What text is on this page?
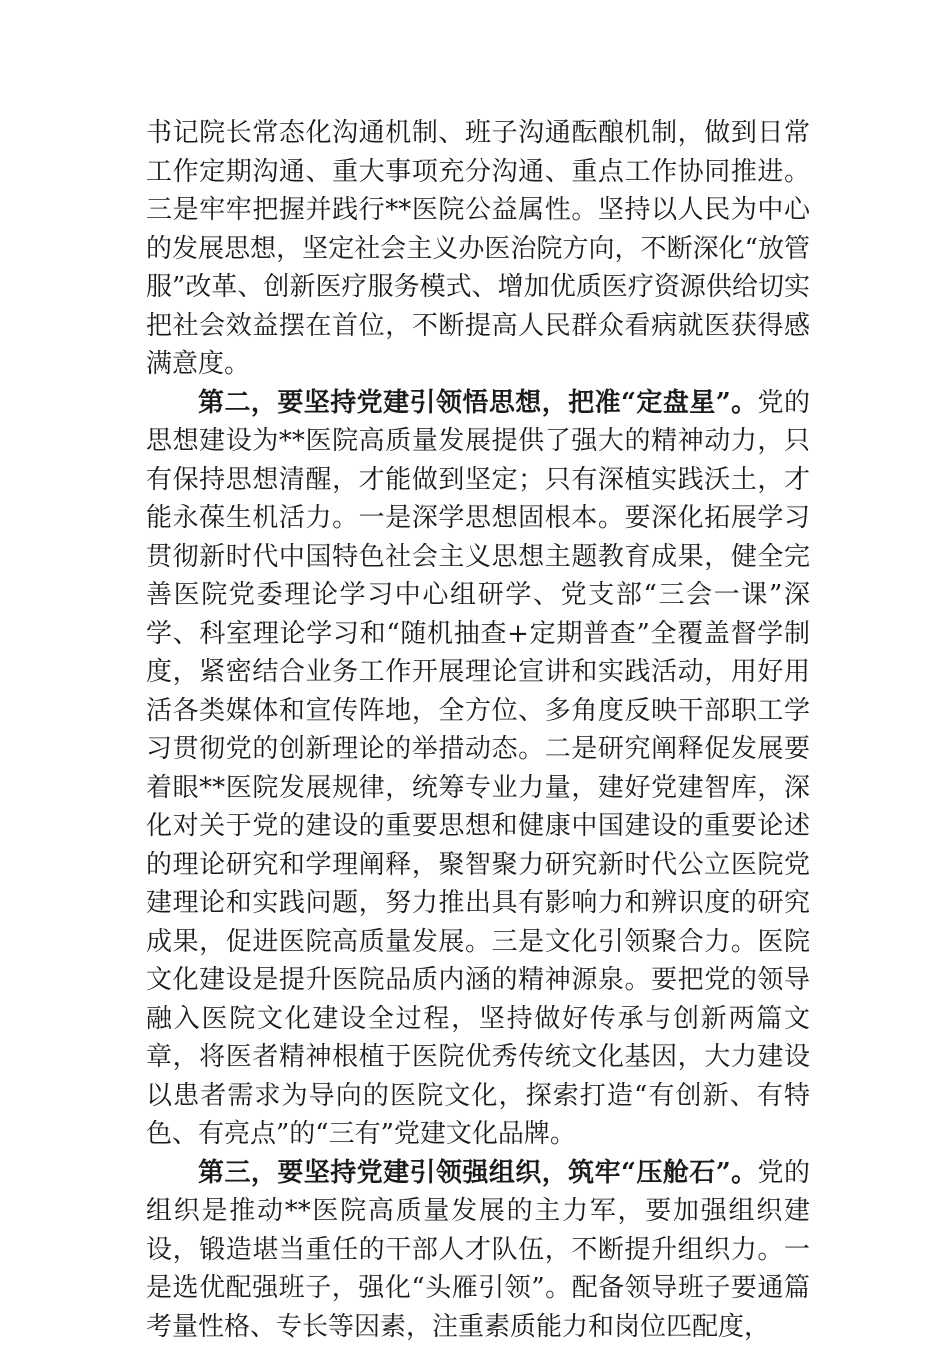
书记院长常态化沟通机制、班子沟通酝酿机制，做到日常工作定期沟通、重大事项充分沟通、重点工作协同推进。三是牢牢把握并践行**医院公益属性。坚持以人民为中心的发展思想，坚定社会主义办医治院方向，不断深化“放管服”改革、创新医疗服务模式、增加优质医疗资源供给切实把社会效益摆在首位，不断提高人民群众看病就医获得感满意度。

第二，要坚持党建引领悟思想，把准“定盘星”。党的思想建设为**医院高质量发展提供了强大的精神动力，只有保持思想清醒，才能做到坚定；只有深植实践沃土，才能永葆生机活力。一是深学思想固根本。要深化拓展学习贯彻新时代中国特色社会主义思想主题教育成果，健全完善医院党委理论学习中心组研学、党支部“三会一课”深学、科室理论学习和“随机抽查+定期普查”全覆盖督学制度，紧密结合业务工作开展理论宣讲和实践活动，用好用活各类媒体和宣传阵地，全方位、多角度反映干部职工学习贯彻党的创新理论的举措动态。二是研究阐释促发展要着眼**医院发展规律，统筹专业力量，建好党建智库，深化对关于党的建设的重要思想和健康中国建设的重要论述的理论研究和学理阐释，聚智聚力研究新时代公立医院党建理论和实践问题，努力推出具有影响力和辨识度的研究成果，促进医院高质量发展。三是文化引领聚合力。医院文化建设是提升医院品质内涵的精神源泉。要把党的领导融入医院文化建设全过程，坚持做好传承与创新两篇文章，将医者精神根植于医院优秀传统文化基因，大力建设以患者需求为导向的医院文化，探索打造“有创新、有特色、有亮点”的“三有”党建文化品牌。

第三，要坚持党建引领强组织，筑牢“压舱石”。党的组织是推动**医院高质量发展的主力军，要加强组织建设，锻造堪当重任的干部人才队伍，不断提升组织力。一是选优配强班子，强化“头雁引领”。配备领导班子要通篇考量性格、专长等因素，注重素质能力和岗位匹配度，
